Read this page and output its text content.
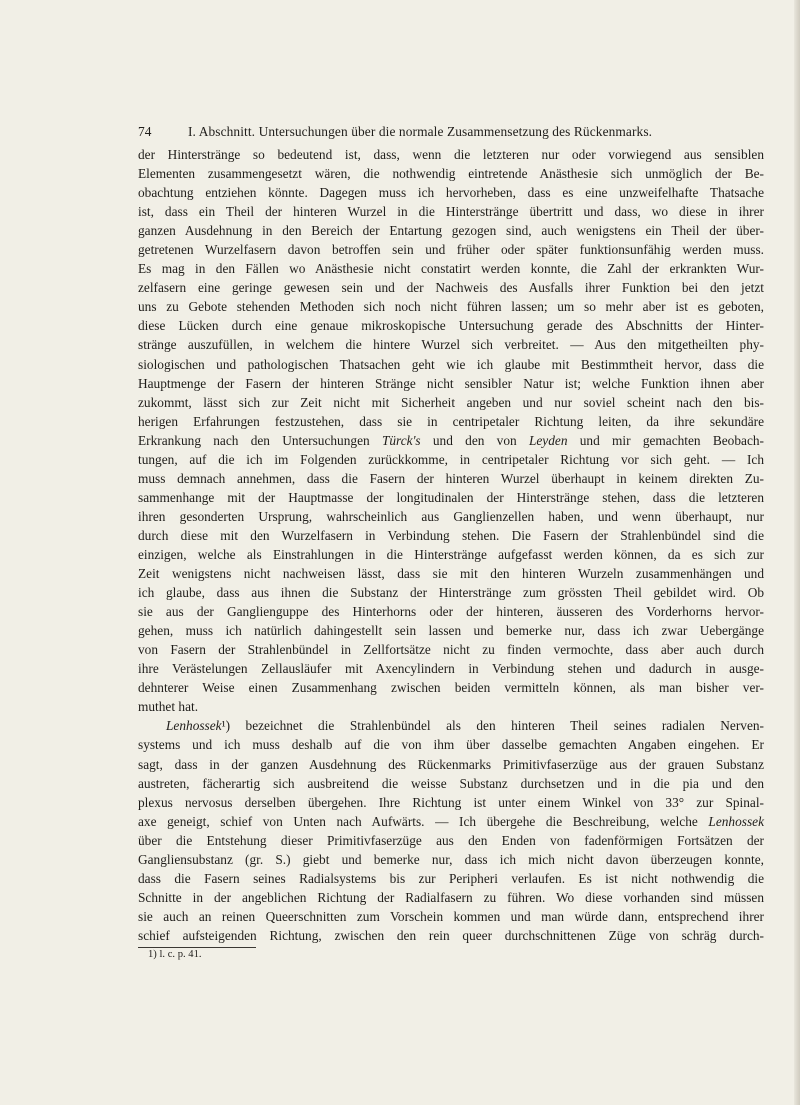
74	I. Abschnitt. Untersuchungen über die normale Zusammensetzung des Rückenmarks.
der Hinterstränge so bedeutend ist, dass, wenn die letzteren nur oder vorwiegend aus sensiblen
Elementen zusammengesetzt wären, die nothwendig eintretende Anästhesie sich unmöglich der Be-
obachtung entziehen könnte. Dagegen muss ich hervorheben, dass es eine unzweifelhafte Thatsache
ist, dass ein Theil der hinteren Wurzel in die Hinterstränge übertritt und dass, wo diese in ihrer
ganzen Ausdehnung in den Bereich der Entartung gezogen sind, auch wenigstens ein Theil der über-
getretenen Wurzelfasern davon betroffen sein und früher oder später funktionsunfähig werden muss.
Es mag in den Fällen wo Anästhesie nicht constatirt werden konnte, die Zahl der erkrankten Wur-
zelfasern eine geringe gewesen sein und der Nachweis des Ausfalls ihrer Funktion bei den jetzt
uns zu Gebote stehenden Methoden sich noch nicht führen lassen; um so mehr aber ist es geboten,
diese Lücken durch eine genaue mikroskopische Untersuchung gerade des Abschnitts der Hinter-
stränge auszufüllen, in welchem die hintere Wurzel sich verbreitet. — Aus den mitgetheilten phy-
siologischen und pathologischen Thatsachen geht wie ich glaube mit Bestimmtheit hervor, dass die
Hauptmenge der Fasern der hinteren Stränge nicht sensibler Natur ist; welche Funktion ihnen aber
zukommt, lässt sich zur Zeit nicht mit Sicherheit angeben und nur soviel scheint nach den bis-
herigen Erfahrungen festzustehen, dass sie in centripetaler Richtung leiten, da ihre sekundäre
Erkrankung nach den Untersuchungen Türck's und den von Leyden und mir gemachten Beobach-
tungen, auf die ich im Folgenden zurückkomme, in centripetaler Richtung vor sich geht. — Ich
muss demnach annehmen, dass die Fasern der hinteren Wurzel überhaupt in keinem direkten Zu-
sammenhange mit der Hauptmasse der longitudinalen der Hinterstränge stehen, dass die letzteren
ihren gesonderten Ursprung, wahrscheinlich aus Ganglienzellen haben, und wenn überhaupt, nur
durch diese mit den Wurzelfasern in Verbindung stehen. Die Fasern der Strahlenbündel sind die
einzigen, welche als Einstrahlungen in die Hinterstränge aufgefasst werden können, da es sich zur
Zeit wenigstens nicht nachweisen lässt, dass sie mit den hinteren Wurzeln zusammenhängen und
ich glaube, dass aus ihnen die Substanz der Hinterstränge zum grössten Theil gebildet wird. Ob
sie aus der Ganglienguppe des Hinterhorns oder der hinteren, äusseren des Vorderhorns hervor-
gehen, muss ich natürlich dahingestellt sein lassen und bemerke nur, dass ich zwar Uebergänge
von Fasern der Strahlenbündel in Zellfortsätze nicht zu finden vermochte, dass aber auch durch
ihre Verästelungen Zellausläufer mit Axencylindern in Verbindung stehen und dadurch in ausge-
dehnterer Weise einen Zusammenhang zwischen beiden vermitteln können, als man bisher ver-
muthet hat.
Lenhossek¹) bezeichnet die Strahlenbündel als den hinteren Theil seines radialen Nerven-
systems und ich muss deshalb auf die von ihm über dasselbe gemachten Angaben eingehen. Er
sagt, dass in der ganzen Ausdehnung des Rückenmarks Primitivfaserzüge aus der grauen Substanz
austreten, fächerartig sich ausbreitend die weisse Substanz durchsetzen und in die pia und den
plexus nervosus derselben übergehen. Ihre Richtung ist unter einem Winkel von 33° zur Spinal-
axe geneigt, schief von Unten nach Aufwärts. — Ich übergehe die Beschreibung, welche Lenhossek
über die Entstehung dieser Primitivfaserzüge aus den Enden von fadenförmigen Fortsätzen der
Gangliensubstanz (gr. S.) giebt und bemerke nur, dass ich mich nicht davon überzeugen konnte,
dass die Fasern seines Radialsystems bis zur Peripheri verlaufen. Es ist nicht nothwendig die
Schnitte in der angeblichen Richtung der Radialfasern zu führen. Wo diese vorhanden sind müssen
sie auch an reinen Queerschnitten zum Vorschein kommen und man würde dann, entsprechend ihrer
schief aufsteigenden Richtung, zwischen den rein queer durchschnittenen Züge von schräg durch-
1) l. c. p. 41.
